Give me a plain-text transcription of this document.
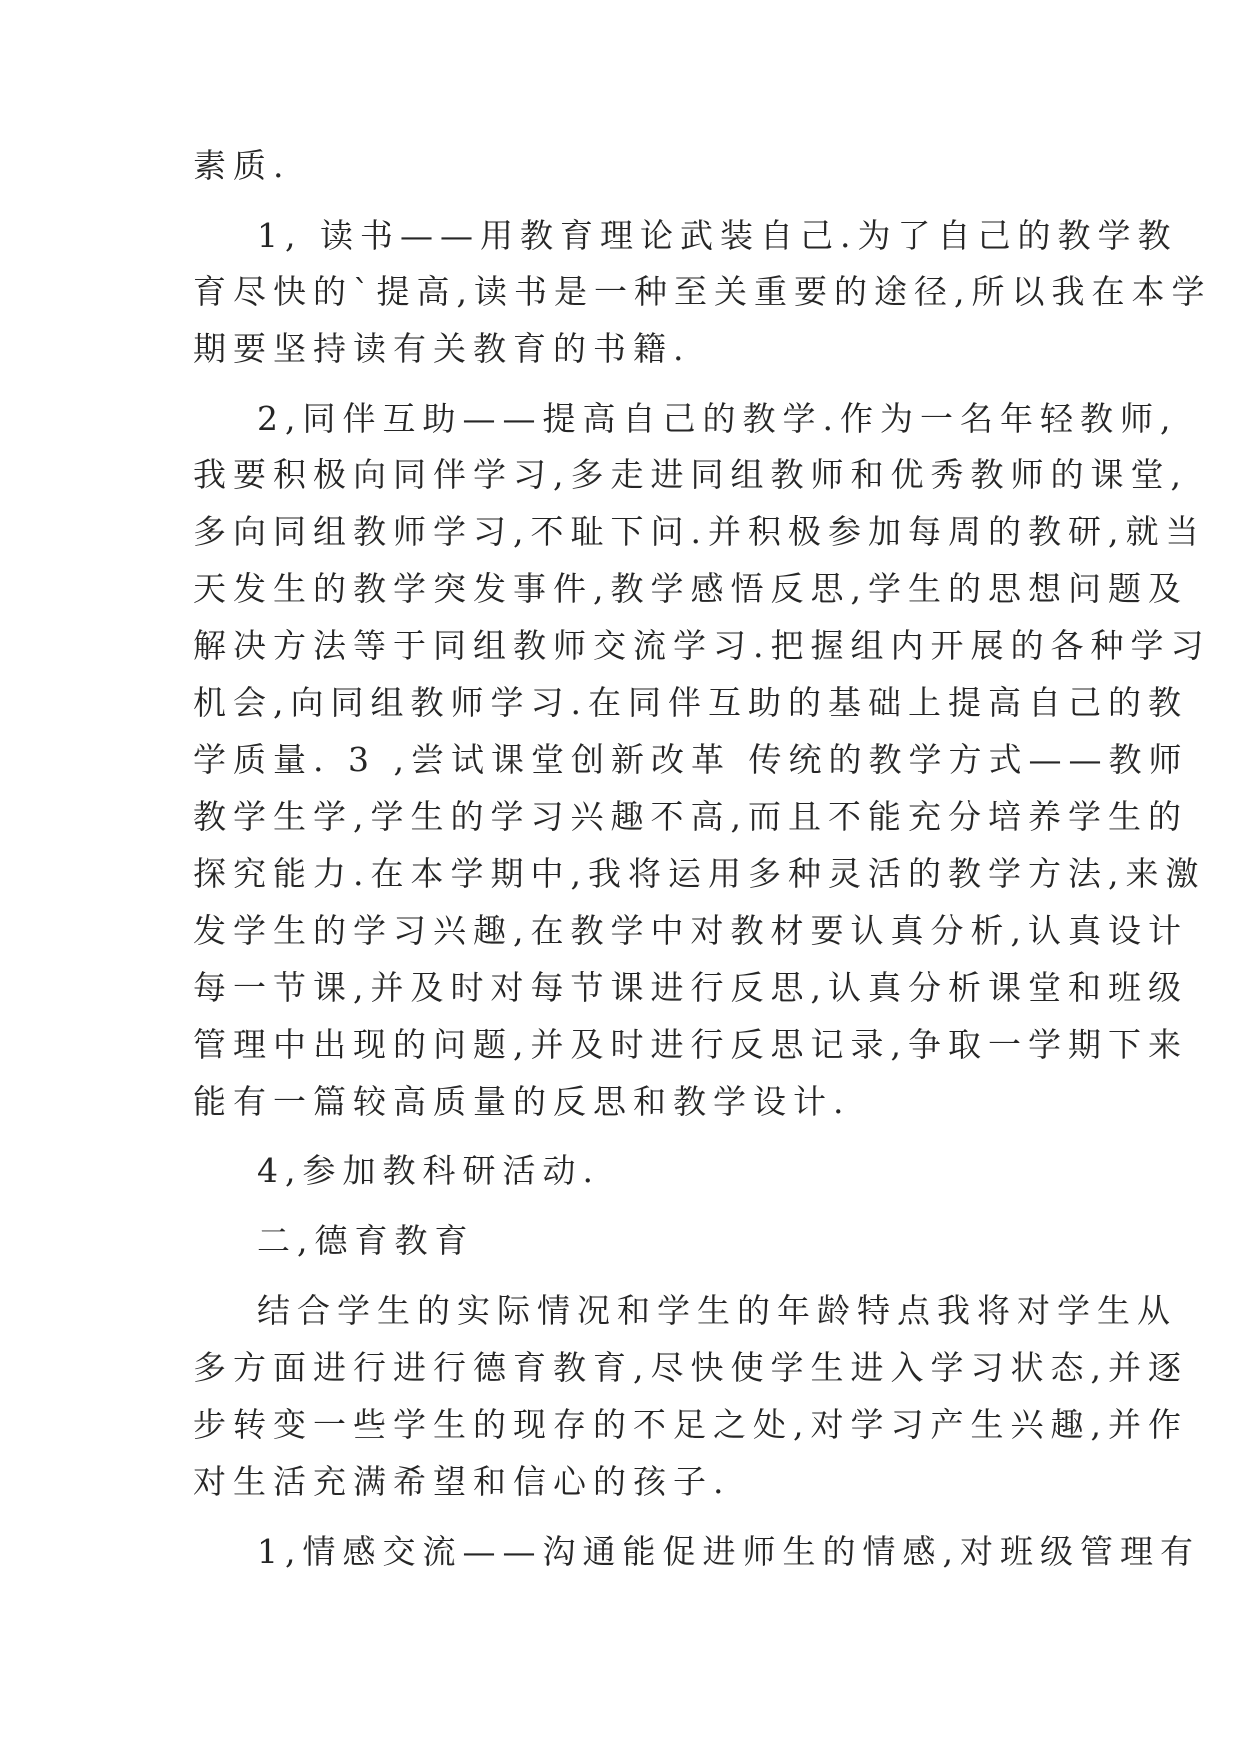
素质.
1, 读书——用教育理论武装自己.为了自己的教学教
育尽快的`提高,读书是一种至关重要的途径,所以我在本学
期要坚持读有关教育的书籍.
2,同伴互助——提高自己的教学.作为一名年轻教师,
我要积极向同伴学习,多走进同组教师和优秀教师的课堂,
多向同组教师学习,不耻下问.并积极参加每周的教研,就当
天发生的教学突发事件,教学感悟反思,学生的思想问题及
解决方法等于同组教师交流学习.把握组内开展的各种学习
机会,向同组教师学习.在同伴互助的基础上提高自己的教
学质量. 3 ,尝试课堂创新改革 传统的教学方式——教师
教学生学,学生的学习兴趣不高,而且不能充分培养学生的
探究能力.在本学期中,我将运用多种灵活的教学方法,来激
发学生的学习兴趣,在教学中对教材要认真分析,认真设计
每一节课,并及时对每节课进行反思,认真分析课堂和班级
管理中出现的问题,并及时进行反思记录,争取一学期下来
能有一篇较高质量的反思和教学设计.
4,参加教科研活动.
二,德育教育
结合学生的实际情况和学生的年龄特点我将对学生从
多方面进行进行德育教育,尽快使学生进入学习状态,并逐
步转变一些学生的现存的不足之处,对学习产生兴趣,并作
对生活充满希望和信心的孩子.
1,情感交流——沟通能促进师生的情感,对班级管理有
